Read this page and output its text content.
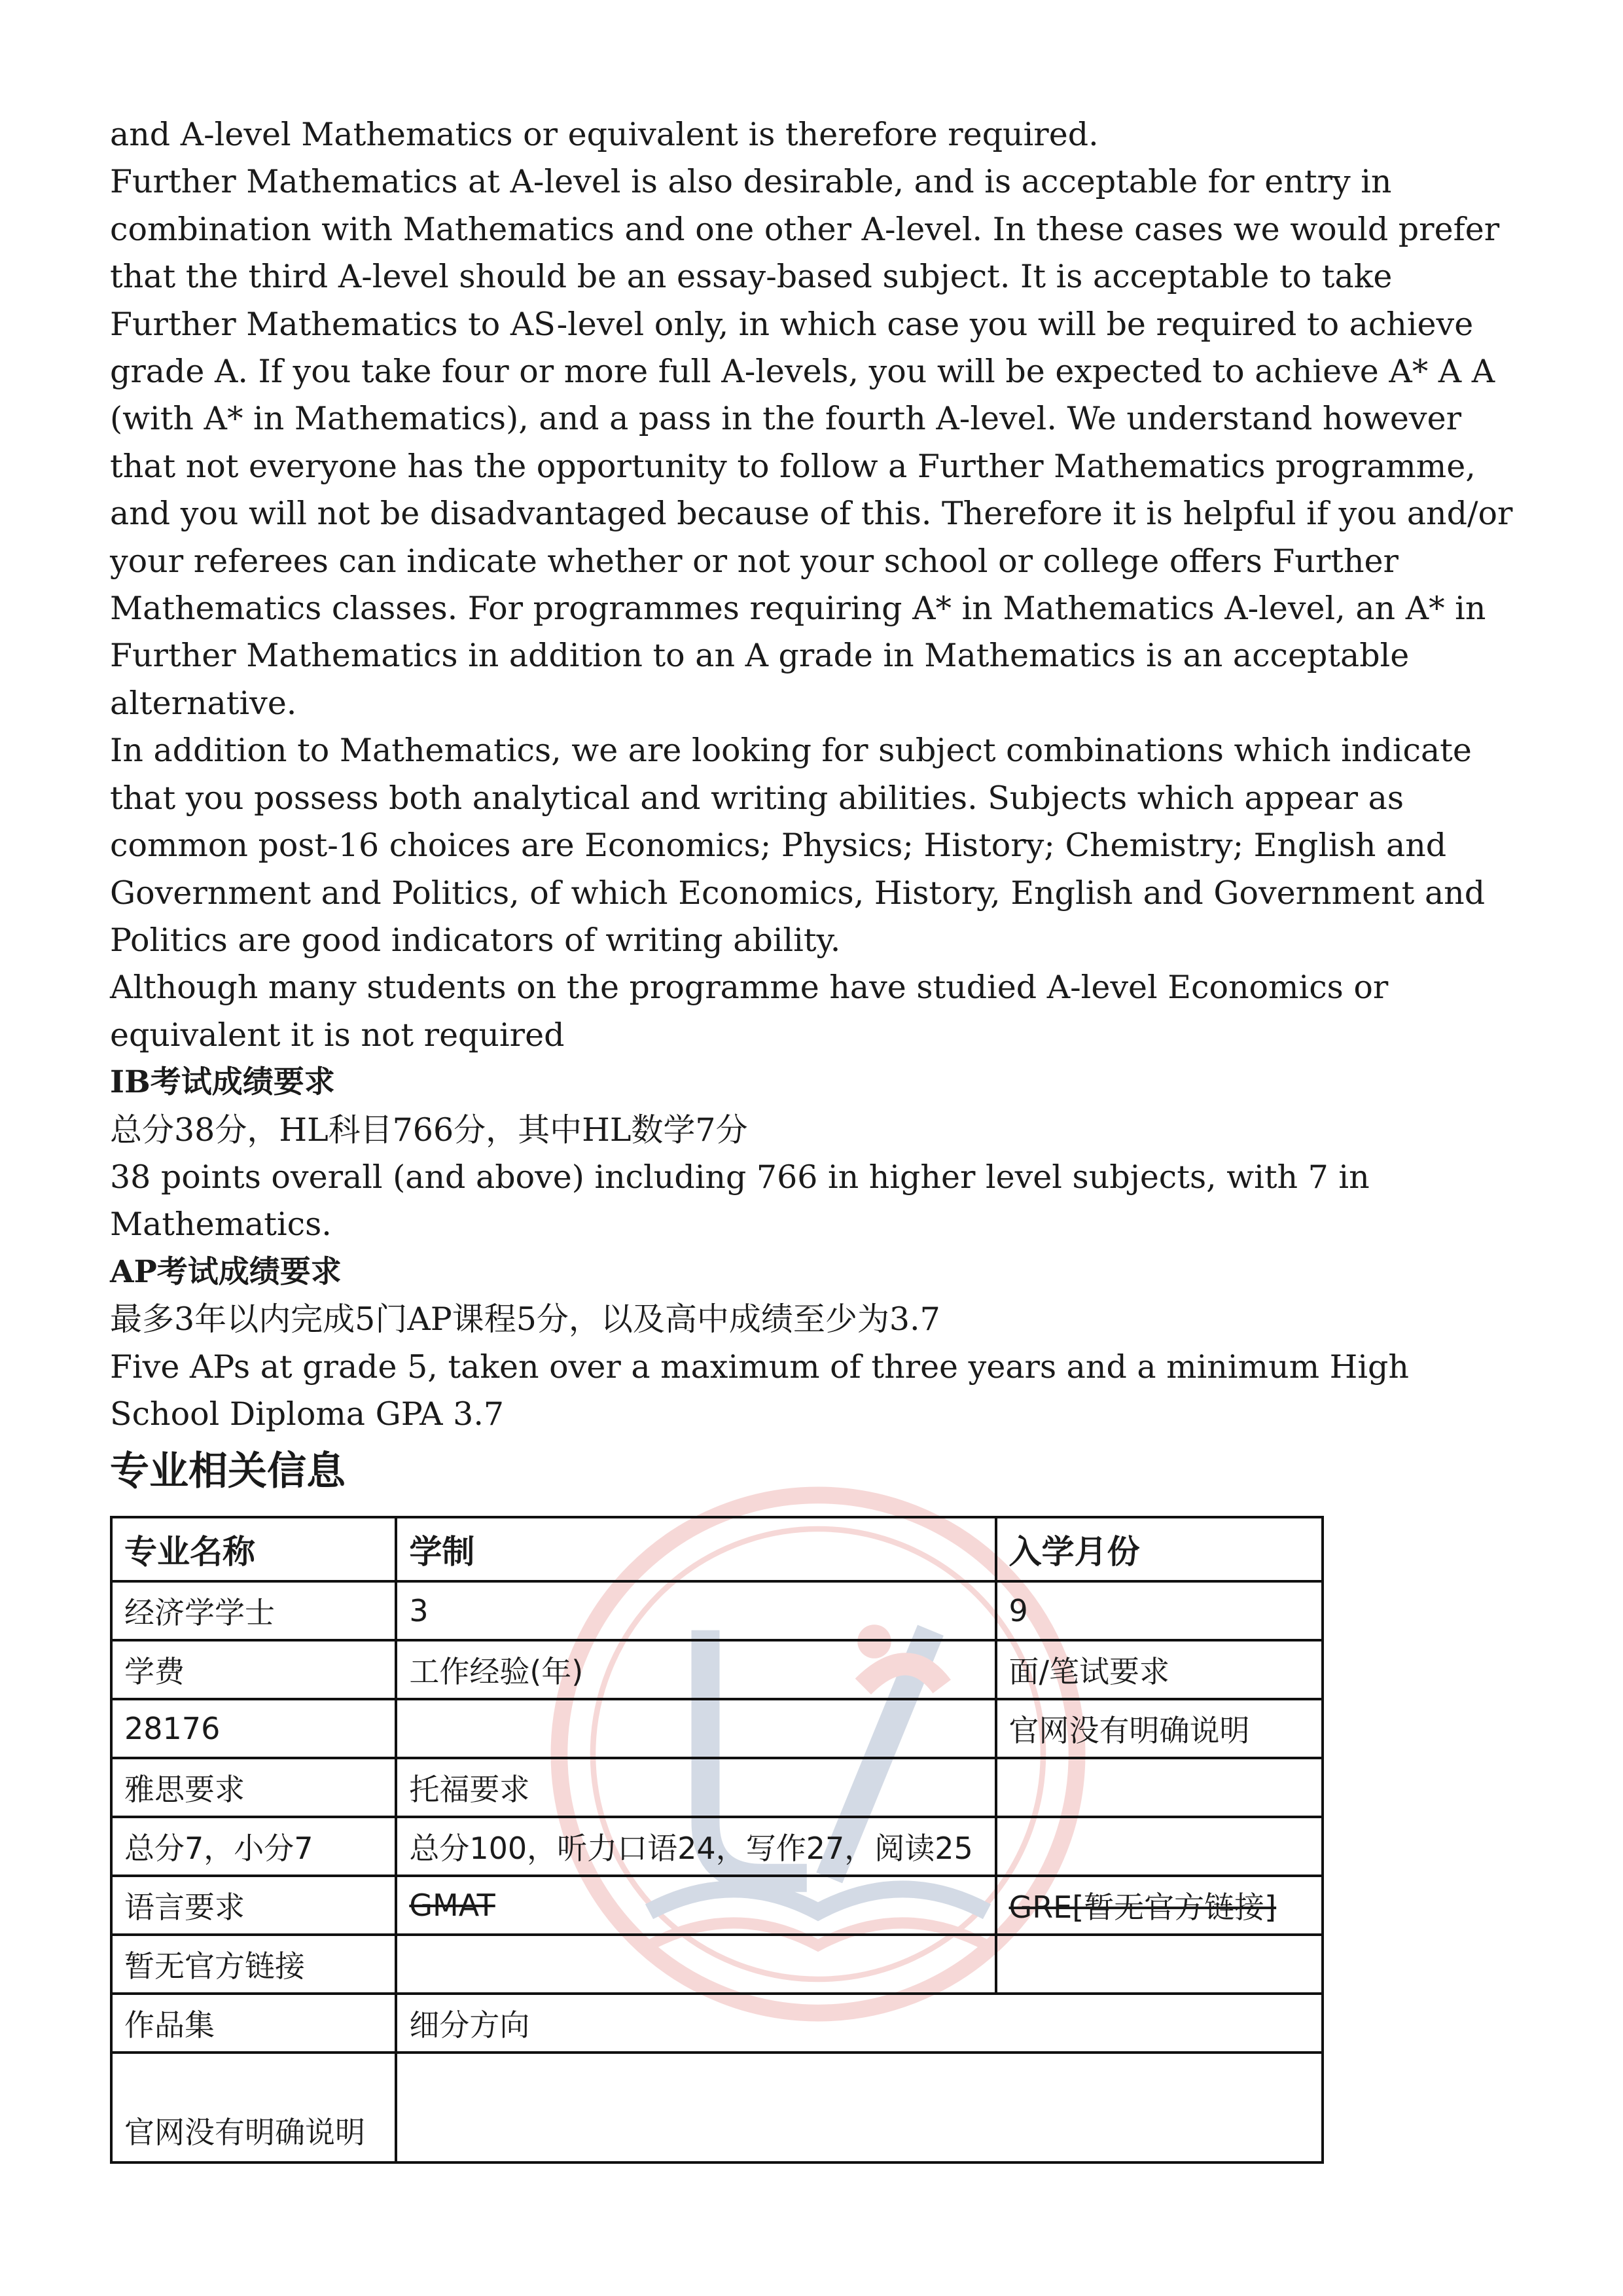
and A-level Mathematics or equivalent is therefore required.

Further Mathematics at A-level is also desirable, and is acceptable for entry in combination with Mathematics and one other A-level. In these cases we would prefer that the third A-level should be an essay-based subject. It is acceptable to take Further Mathematics to AS-level only, in which case you will be required to achieve grade A. If you take four or more full A-levels, you will be expected to achieve A* A A (with A* in Mathematics), and a pass in the fourth A-level. We understand however that not everyone has the opportunity to follow a Further Mathematics programme, and you will not be disadvantaged because of this. Therefore it is helpful if you and/or your referees can indicate whether or not your school or college offers Further Mathematics classes. For programmes requiring A* in Mathematics A-level, an A* in Further Mathematics in addition to an A grade in Mathematics is an acceptable alternative.

In addition to Mathematics, we are looking for subject combinations which indicate that you possess both analytical and writing abilities. Subjects which appear as common post-16 choices are Economics; Physics; History; Chemistry; English and Government and Politics, of which Economics, History, English and Government and Politics are good indicators of writing ability.

Although many students on the programme have studied A-level Economics or equivalent it is not required

IB考试成绩要求

总分38分，HL科目766分，其中HL数学7分

38 points overall (and above) including 766 in higher level subjects, with 7 in Mathematics.

AP考试成绩要求

最多3年以内完成5门AP课程5分，以及高中成绩至少为3.7

Five APs at grade 5, taken over a maximum of three years and a minimum High School Diploma GPA 3.7

专业相关信息
专业名称	学制	入学月份
经济学学士	3	9
学费	工作经验(年)	面/笔试要求
28176		官网没有明确说明
雅思要求	托福要求	
总分7，小分7	总分100，听力口语24，写作27，阅读25	
语言要求	GMAT	GRE[暂无官方链接]
暂无官方链接		
作品集	细分方向	
官网没有明确说明		
